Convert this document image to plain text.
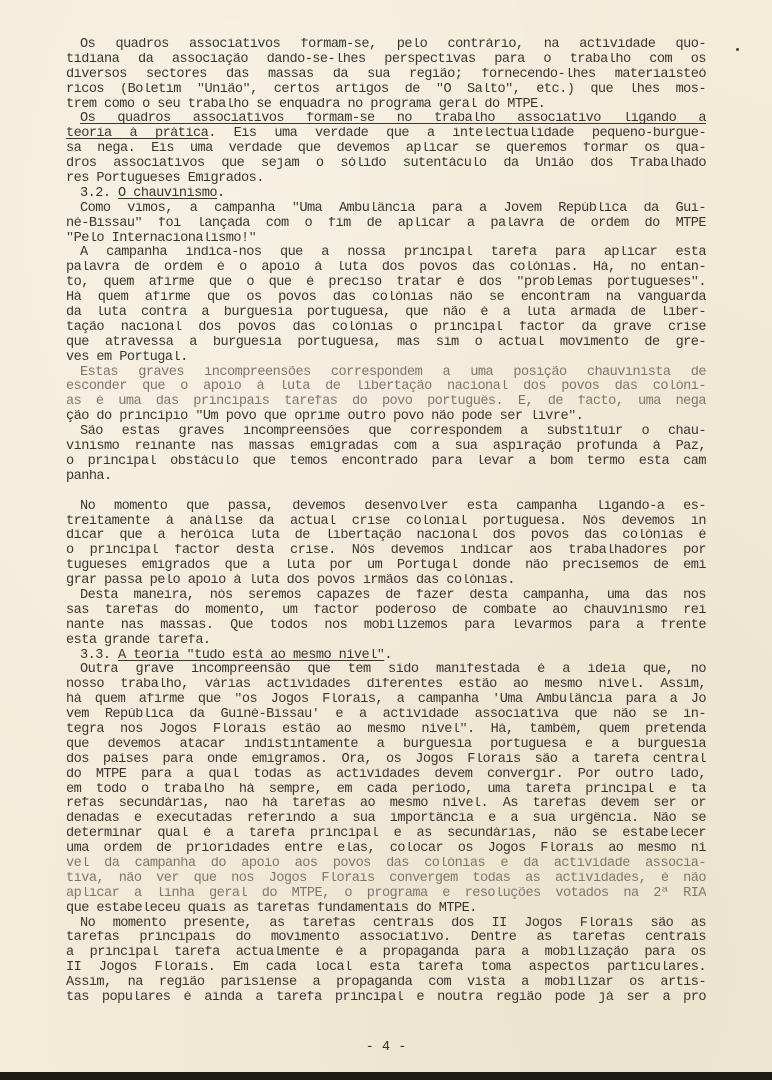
Os quadros associativos formam-se, pelo contrário, na actividade quo-
tidiana da associação dando-se-lhes perspectivas para o trabalho com os
diversos sectores das massas da sua região; fornecendo-lhes materiaisteó
ricos (Boletim "União", certos artigos de "O Salto", etc.) que lhes mos-
trem como o seu trabalho se enquadra no programa geral do MTPE.
Os quadros associativos formam-se no trabalho associativo ligando a
teoria à prática. Eis uma verdade que a intelectualidade pequeno-burgue-
sa nega. Eis uma verdade que devemos aplicar se queremos formar os qua-
dros associativos que sejam o sólido sutentáculo da União dos Trabalhado
res Portugueses Emigrados.
3.2. O chauvinismo.
Como vimos, a campanha "Uma Ambulância para a Jovem República da Gui-
né-Bissau" foi lançada com o fim de aplicar a palavra de ordem do MTPE
"Pelo Internacionalismo!"
A campanha indica-nos que a nossa principal tarefa para aplicar esta
palavra de ordem é o apoio à luta dos povos das colónias. Há, no entan-
to, quem afirme que o que é preciso tratar é dos "problemas portugueses".
Há quem afirme que os povos das colónias não se encontram na vanguarda
da luta contra a burguesia portuguesa, que não é a luta armada de liber-
tação nacional dos povos das colónias o principal factor da grave crise
que atravessa a burguesia portuguesa, mas sim o actual movimento de gre-
ves em Portugal.
Estas graves incompreensões correspondem a uma posição chauvinista de
esconder que o apoio à luta de libertação nacional dos povos das colóni-
as é uma das principais tarefas do povo português. É, de facto, uma nega
ção do princípio "Um povo que oprime outro povo não pode ser livre".
São estas graves incompreensões que correspondem a substituir o chau-
vinismo reinante nas massas emigradas com a sua aspiração profunda à Paz,
o principal obstáculo que temos encontrado para levar a bom termo esta cam
panha.
No momento que passa, devemos desenvolver esta campanha ligando-a es-
treitamente à análise da actual crise colonial portuguesa. Nós devemos in
dicar que a heróica luta de libertação nacional dos povos das colónias é
o principal factor desta crise. Nós devemos indicar aos trabalhadores por
tugueses emigrados que a luta por um Portugal donde não precisemos de emi
grar passa pelo apoio à luta dos povos irmãos das colónias.
Desta maneira, nós seremos capazes de fazer desta campanha, uma das nos
sas tarefas do momento, um factor poderoso de combate ao chauvinismo rei
nante nas massas. Que todos nos mobilizemos para levarmos para a frente
esta grande tarefa.
3.3. A teoria "tudo está ao mesmo nível".
Outra grave incompreensão que tem sido manifestada é a ideia que, no
nosso trabalho, várias actividades diferentes estão ao mesmo nível. Assim,
há quem afirme que "os Jogos Florais, a campanha 'Uma Ambulância para a Jo
vem República da Guiné-Bissau' e a actividade associativa que não se in-
tegra nos Jogos Florais estão ao mesmo nível". Há, também, quem pretenda
que devemos atacar indistintamente a burguesia portuguesa e a burguesia
dos países para onde emigramos. Ora, os Jogos Florais são a tarefa central
do MTPE para a qual todas as actividades devem convergir. Por outro lado,
em todo o trabalho há sempre, em cada período, uma tarefa principal e ta
refas secundárias, nao há tarefas ao mesmo nível. As tarefas devem ser or
denadas e executadas referindo a sua importância e a sua urgência. Não se
determinar qual é a tarefa principal e as secundárias, não se estabelecer
uma ordem de prioridades entre elas, colocar os Jogos Florais ao mesmo ní
vel da campanha do apoio aos povos das colónias e da actividade associa-
tiva, não ver que nos Jogos Florais convergem todas as actividades, é não
aplicar a linha geral do MTPE, o programa e resoluções votados na 2ª RIA
que estabeleceu quais as tarefas fundamentais do MTPE.
No momento presente, as tarefas centrais dos II Jogos Florais são as
tarefas principais do movimento associativo. Dentre as tarefas centrais
a principal tarefa actualmente é a propaganda para a mobilização para os
II Jogos Florais. Em cada local esta tarefa toma aspectos particulares.
Assim, na região parisiense a propaganda com vista a mobilizar os artis-
tas populares é ainda a tarefa principal e noutra região pode já ser a pro
- 4 -
